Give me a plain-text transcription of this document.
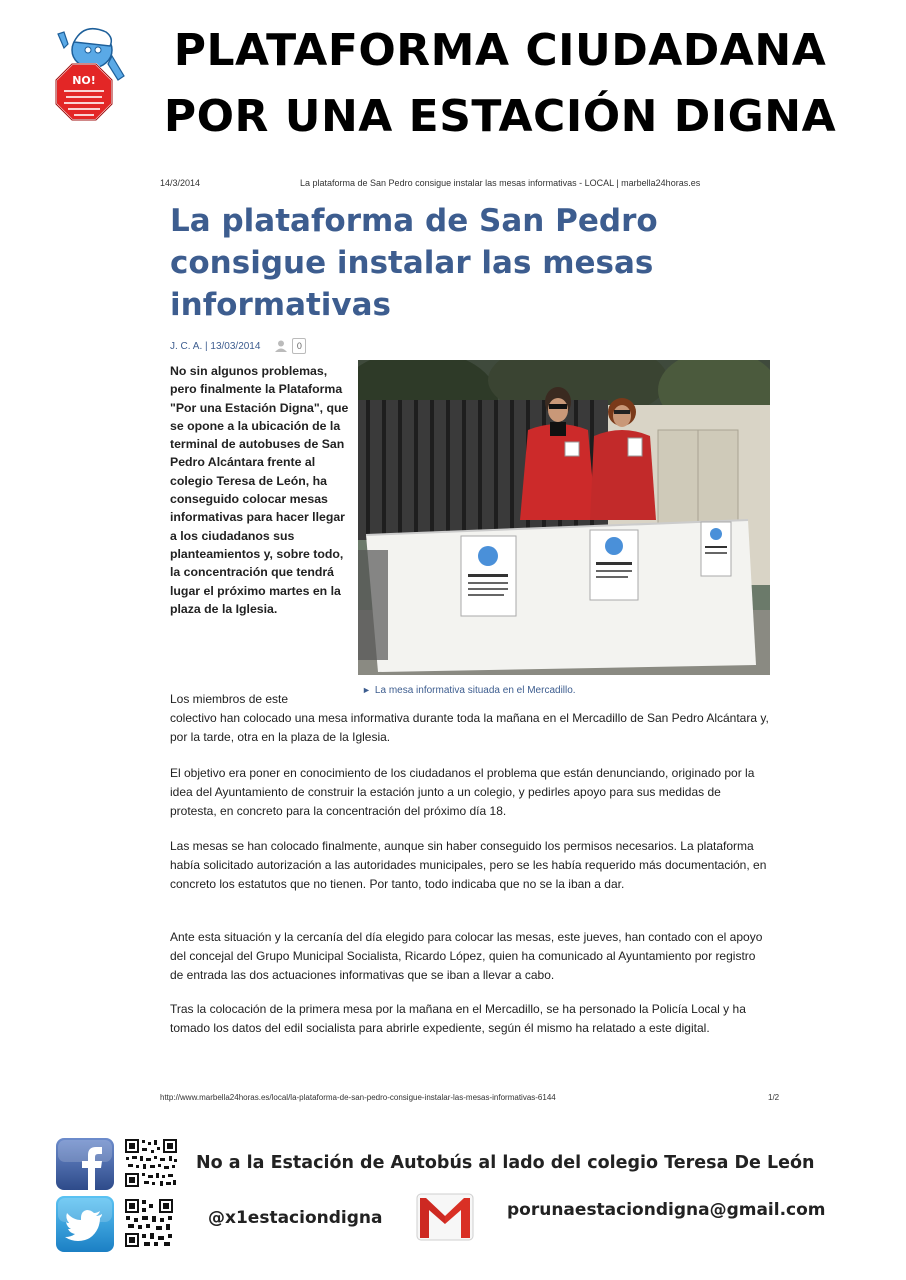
NO!
PLATAFORMA CIUDADANA
POR UNA ESTACIÓN DIGNA
14/3/2014	La plataforma de San Pedro consigue instalar las mesas informativas - LOCAL | marbella24horas.es
La plataforma de San Pedro consigue instalar las mesas informativas
J. C. A. | 13/03/2014	0
No sin algunos problemas, pero finalmente la Plataforma "Por una Estación Digna", que se opone a la ubicación de la terminal de autobuses de San Pedro Alcántara frente al colegio Teresa de León, ha conseguido colocar mesas informativas para hacer llegar a los ciudadanos sus planteamientos y, sobre todo, la concentración que tendrá lugar el próximo martes en la plaza de la Iglesia.
► La mesa informativa situada en el Mercadillo.
Los miembros de este
colectivo han colocado una mesa informativa durante toda la mañana en el Mercadillo de San Pedro Alcántara y, por la tarde, otra en la plaza de la Iglesia.

El objetivo era poner en conocimiento de los ciudadanos el problema que están denunciando, originado por la idea del Ayuntamiento de construir la estación junto a un colegio, y pedirles apoyo para sus medidas de protesta, en concreto para la concentración del próximo día 18.

Las mesas se han colocado finalmente, aunque sin haber conseguido los permisos necesarios. La plataforma había solicitado autorización a las autoridades municipales, pero se les había requerido más documentación, en concreto los estatutos que no tienen. Por tanto, todo indicaba que no se la iban a dar.

Ante esta situación y la cercanía del día elegido para colocar las mesas, este jueves, han contado con el apoyo del concejal del Grupo Municipal Socialista, Ricardo López, quien ha comunicado al Ayuntamiento por registro de entrada las dos actuaciones informativas que se iban a llevar a cabo.

Tras la colocación de la primera mesa por la mañana en el Mercadillo, se ha personado la Policía Local y ha tomado los datos del edil socialista para abrirle expediente, según él mismo ha relatado a este digital.

http://www.marbella24horas.es/local/la-plataforma-de-san-pedro-consigue-instalar-las-mesas-informativas-6144	1/2
No a la Estación de Autobús al lado del colegio Teresa De León
@x1estaciondigna	porunaestaciondigna@gmail.com
